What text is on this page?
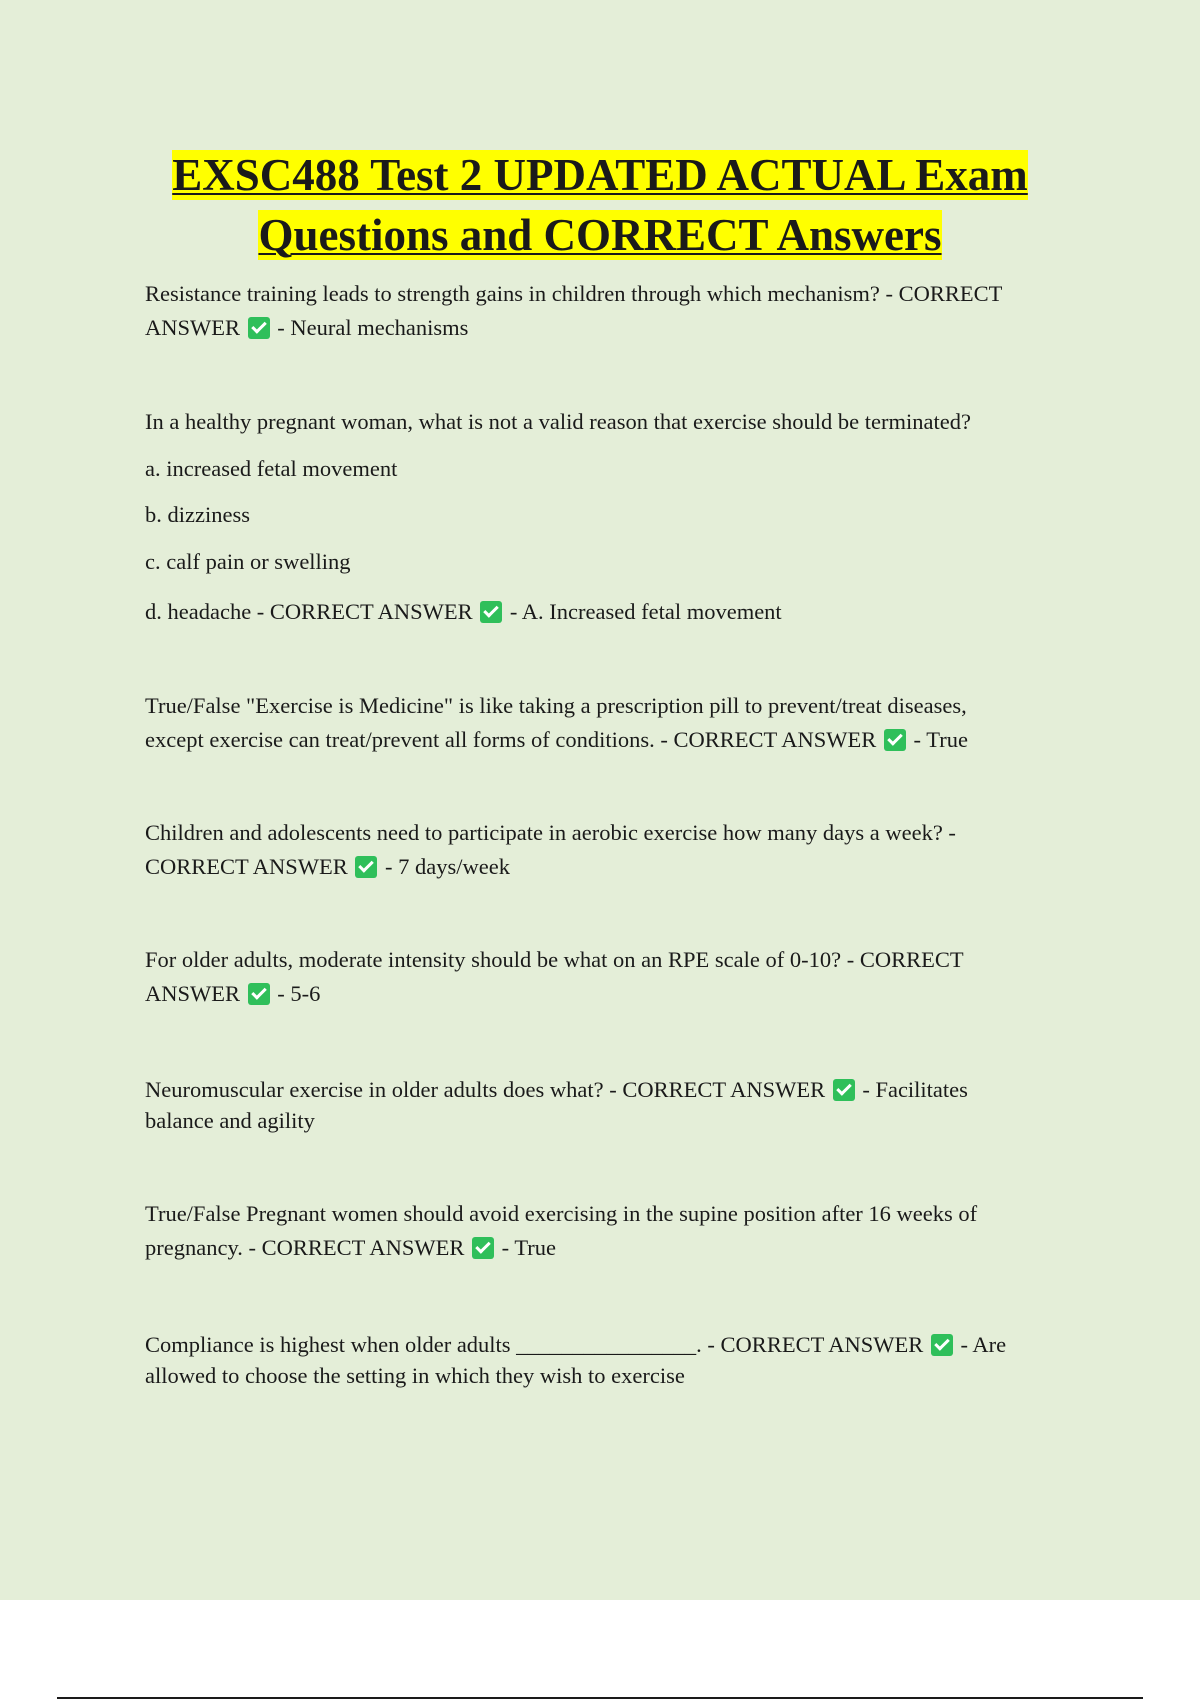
EXSC488 Test 2 UPDATED ACTUAL Exam
Questions and CORRECT Answers
Resistance training leads to strength gains in children through which mechanism? - CORRECT
ANSWER - Neural mechanisms
In a healthy pregnant woman, what is not a valid reason that exercise should be terminated?
a. increased fetal movement
b. dizziness
c. calf pain or swelling
d. headache - CORRECT ANSWER - A. Increased fetal movement
True/False "Exercise is Medicine" is like taking a prescription pill to prevent/treat diseases,
except exercise can treat/prevent all forms of conditions. - CORRECT ANSWER - True
Children and adolescents need to participate in aerobic exercise how many days a week? -
CORRECT ANSWER - 7 days/week
For older adults, moderate intensity should be what on an RPE scale of 0-10? - CORRECT
ANSWER - 5-6
Neuromuscular exercise in older adults does what? - CORRECT ANSWER - Facilitates
balance and agility
True/False Pregnant women should avoid exercising in the supine position after 16 weeks of
pregnancy. - CORRECT ANSWER - True
Compliance is highest when older adults ________________. - CORRECT ANSWER - Are
allowed to choose the setting in which they wish to exercise
